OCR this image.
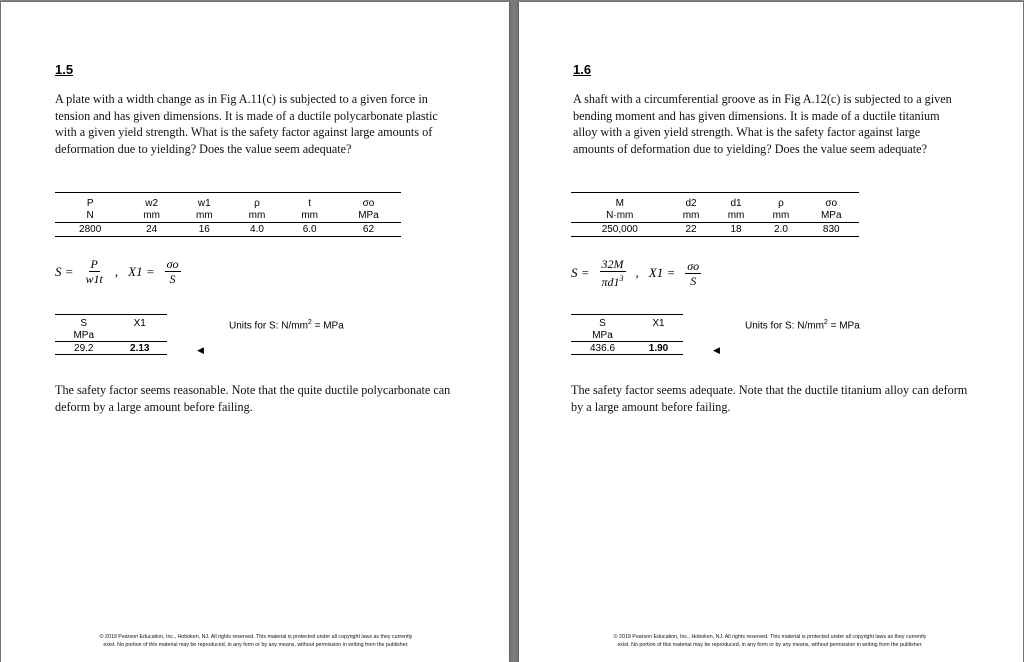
1.5
A plate with a width change as in Fig A.11(c) is subjected to a given force in tension and has given dimensions. It is made of a ductile polycarbonate plastic with a given yield strength. What is the safety factor against large amounts of deformation due to yielding? Does the value seem adequate?
P	w2	w1	ρ	t	σo
N	mm	mm	mm	mm	MPa
2800	24	16	4.0	6.0	62
$S = \frac{P}{w1t}$ , $X1 = \frac{\sigma o}{S}$
S	X1
MPa	
29.2	2.13
Units for S: $N/mm^2$ = MPa
◀
The safety factor seems reasonable. Note that the quite ductile polycarbonate can deform by a large amount before failing.
© 2019 Pearson Education, Inc., Hoboken, NJ. All rights reserved. This material is protected under all copyright laws as they currently
exist. No portion of this material may be reproduced, in any form or by any means, without permission in writing from the publisher.
1.6
A shaft with a circumferential groove as in Fig A.12(c) is subjected to a given bending moment and has given dimensions. It is made of a ductile titanium alloy with a given yield strength. What is the safety factor against large amounts of deformation due to yielding? Does the value seem adequate?
M	d2	d1	ρ	σo
N·mm	mm	mm	mm	MPa
250,000	22	18	2.0	830
$S = \frac{32M}{\pi d1^3}$ , $X1 = \frac{\sigma o}{S}$
S	X1
MPa	
436.6	1.90
Units for S: $N/mm^2$ = MPa
◀
The safety factor seems adequate. Note that the ductile titanium alloy can deform by a large amount before failing.
© 2019 Pearson Education, Inc., Hoboken, NJ. All rights reserved. This material is protected under all copyright laws as they currently
exist. No portion of this material may be reproduced, in any form or by any means, without permission in writing from the publisher.
